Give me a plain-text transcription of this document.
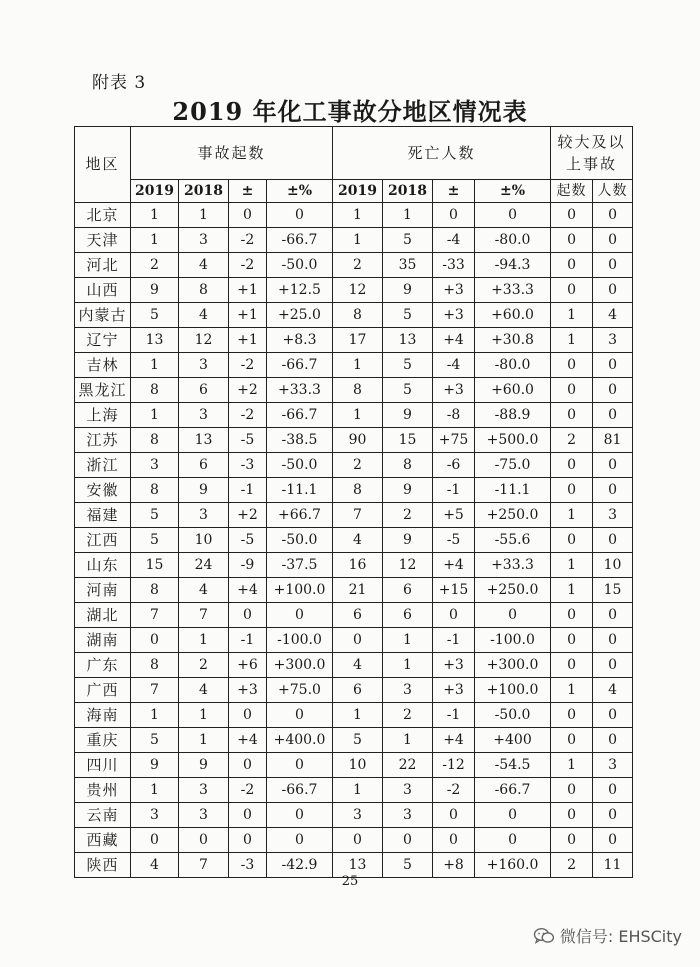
附表 3
2019 年化工事故分地区情况表
地区	事故起数				死亡人数				较大及以上事故	
	2019	2018	±	±%	2019	2018	±	±%	起数	人数
北京	1	1	0	0	1	1	0	0	0	0
天津	1	3	-2	-66.7	1	5	-4	-80.0	0	0
河北	2	4	-2	-50.0	2	35	-33	-94.3	0	0
山西	9	8	+1	+12.5	12	9	+3	+33.3	0	0
内蒙古	5	4	+1	+25.0	8	5	+3	+60.0	1	4
辽宁	13	12	+1	+8.3	17	13	+4	+30.8	1	3
吉林	1	3	-2	-66.7	1	5	-4	-80.0	0	0
黑龙江	8	6	+2	+33.3	8	5	+3	+60.0	0	0
上海	1	3	-2	-66.7	1	9	-8	-88.9	0	0
江苏	8	13	-5	-38.5	90	15	+75	+500.0	2	81
浙江	3	6	-3	-50.0	2	8	-6	-75.0	0	0
安徽	8	9	-1	-11.1	8	9	-1	-11.1	0	0
福建	5	3	+2	+66.7	7	2	+5	+250.0	1	3
江西	5	10	-5	-50.0	4	9	-5	-55.6	0	0
山东	15	24	-9	-37.5	16	12	+4	+33.3	1	10
河南	8	4	+4	+100.0	21	6	+15	+250.0	1	15
湖北	7	7	0	0	6	6	0	0	0	0
湖南	0	1	-1	-100.0	0	1	-1	-100.0	0	0
广东	8	2	+6	+300.0	4	1	+3	+300.0	0	0
广西	7	4	+3	+75.0	6	3	+3	+100.0	1	4
海南	1	1	0	0	1	2	-1	-50.0	0	0
重庆	5	1	+4	+400.0	5	1	+4	+400	0	0
四川	9	9	0	0	10	22	-12	-54.5	1	3
贵州	1	3	-2	-66.7	1	3	-2	-66.7	0	0
云南	3	3	0	0	3	3	0	0	0	0
西藏	0	0	0	0	0	0	0	0	0	0
陕西	4	7	-3	-42.9	13	5	+8	+160.0	2	11
25
微信号: EHSCity
